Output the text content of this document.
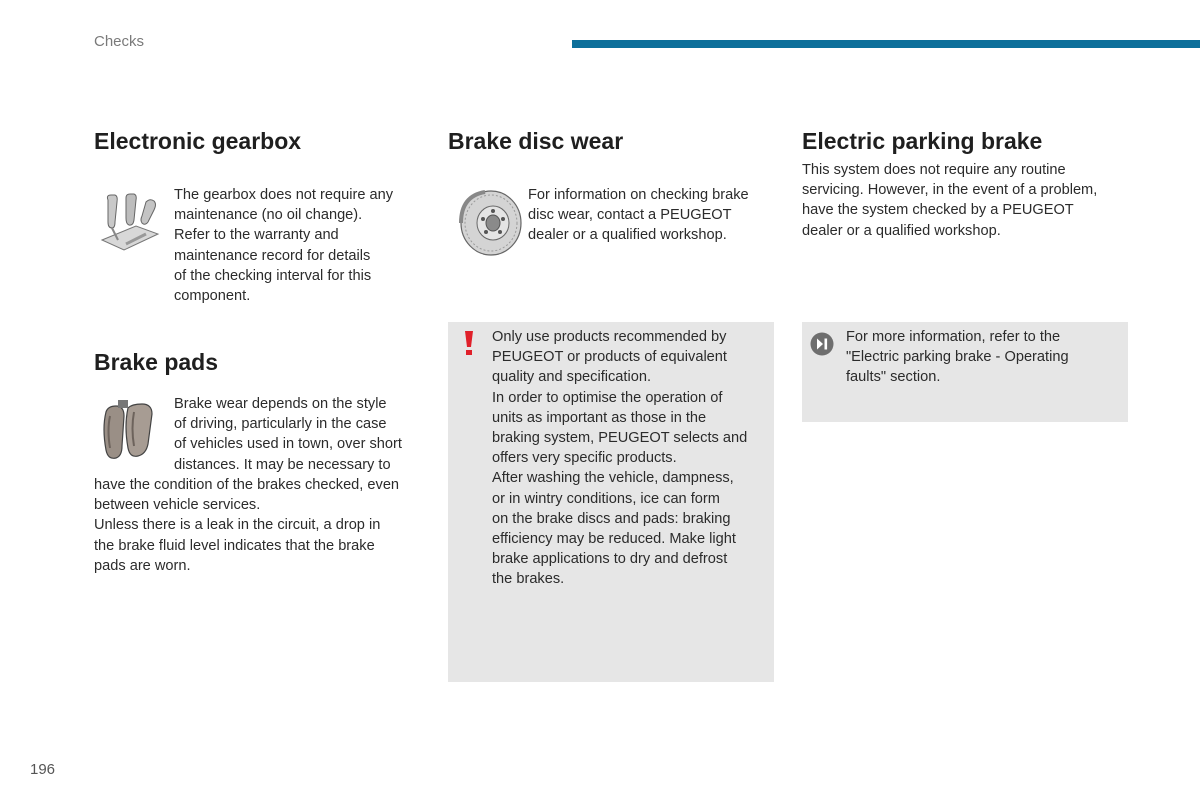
Checks
Electronic gearbox

The gearbox does not require any

maintenance (no oil change).

Refer to the warranty and

maintenance record for details

of the checking interval for this

component.

Brake pads

Brake wear depends on the style

of driving, particularly in the case

of vehicles used in town, over short

distances. It may be necessary to

have the condition of the brakes checked, even

between vehicle services.

Unless there is a leak in the circuit, a drop in

the brake fluid level indicates that the brake

pads are worn.

Brake disc wear

For information on checking brake

disc wear, contact a PEUGEOT

dealer or a qualified workshop.

Only use products recommended by

PEUGEOT or products of equivalent

quality and specification.

In order to optimise the operation of

units as important as those in the

braking system, PEUGEOT selects and

offers very specific products.

After washing the vehicle, dampness,

or in wintry conditions, ice can form

on the brake discs and pads: braking

efficiency may be reduced. Make light

brake applications to dry and defrost

the brakes.

Electric parking brake

This system does not require any routine

servicing. However, in the event of a problem,

have the system checked by a PEUGEOT

dealer or a qualified workshop.

For more information, refer to the

"Electric parking brake - Operating

faults" section.

196
